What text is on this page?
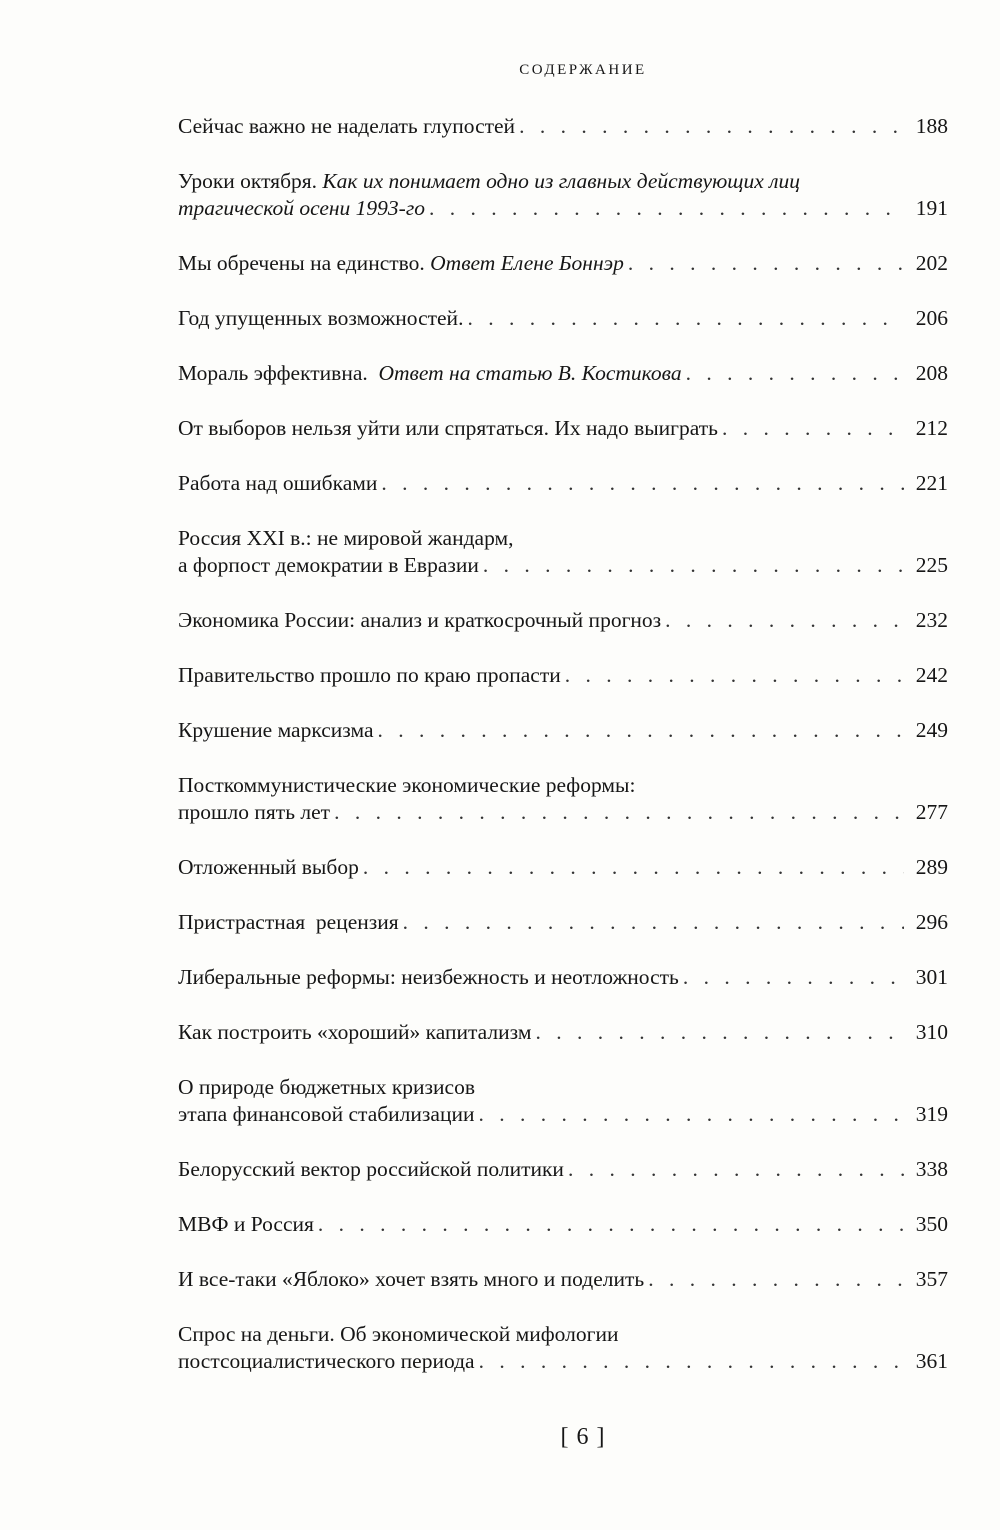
СОДЕРЖАНИЕ
Сейчас важно не наделать глупостей . . .	188
Уроки октября. Как их понимает одно из главных действующих лиц
трагической осени 1993-го . . .	191
Мы обречены на единство. Ответ Елене Боннэр . . .	202
Год упущенных возможностей. . . .	206
Мораль эффективна.  Ответ на статью В. Костикова . . .	208
От выборов нельзя уйти или спрятаться. Их надо выиграть . . .	212
Работа над ошибками . . .	221
Россия XXI в.: не мировой жандарм,
а форпост демократии в Евразии . . .	225
Экономика России: анализ и краткосрочный прогноз . . .	232
Правительство прошло по краю пропасти . . .	242
Крушение марксизма . . .	249
Посткоммунистические экономические реформы:
прошло пять лет . . .	277
Отложенный выбор . . .	289
Пристрастная  рецензия . . .	296
Либеральные реформы: неизбежность и неотложность . . .	301
Как построить «хороший» капитализм . . .	310
О природе бюджетных кризисов
этапа финансовой стабилизации . . .	319
Белорусский вектор российской политики . . .	338
МВФ и Россия . . .	350
И все-таки «Яблоко» хочет взять много и поделить . . .	357
Спрос на деньги. Об экономической мифологии
постсоциалистического периода . . .	361
[ 6 ]
